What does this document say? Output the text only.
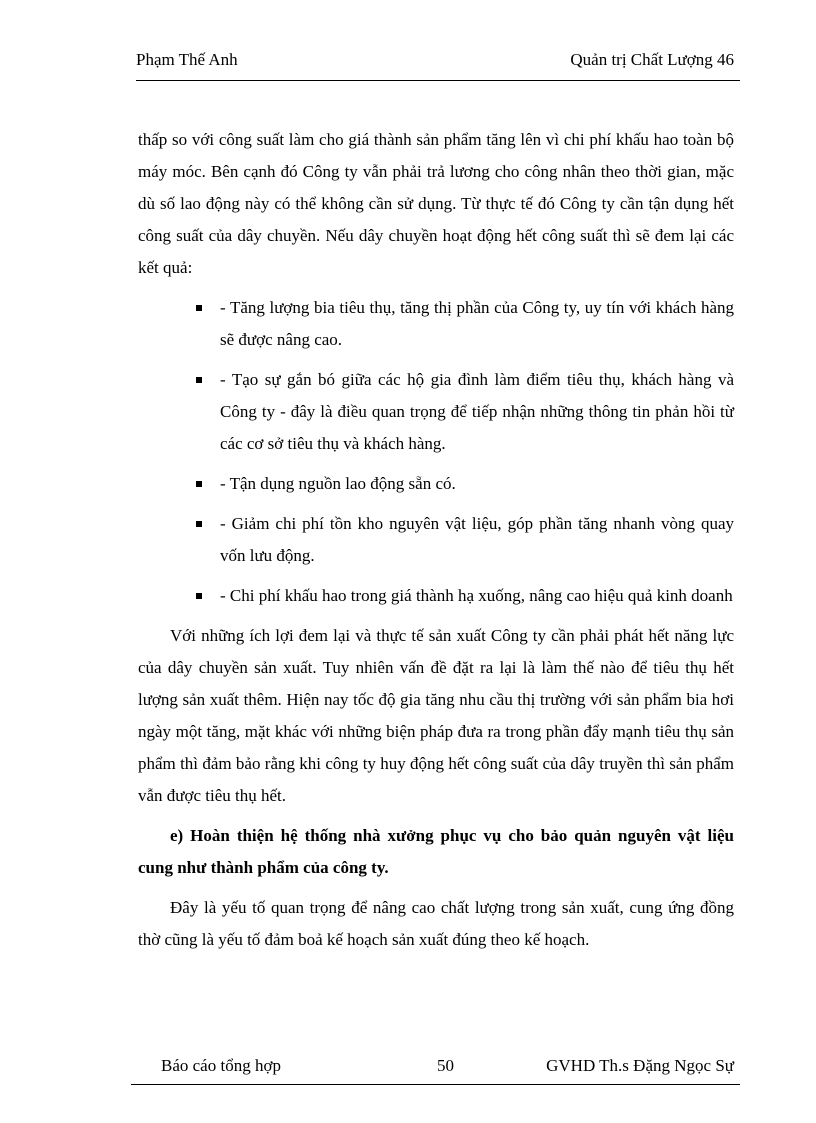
Phạm Thế Anh	Quản trị Chất Lượng 46

thấp so với công suất làm cho giá thành sản phẩm tăng lên vì chi phí khấu hao toàn bộ máy móc. Bên cạnh đó Công ty vẫn phải trả lương cho công nhân theo thời gian, mặc dù số lao động này có thể không cần sử dụng. Từ thực tế đó Công ty cần tận dụng hết công suất của dây chuyền. Nếu dây chuyền hoạt động hết công suất thì sẽ đem lại các kết quả:

- Tăng lượng bia tiêu thụ, tăng thị phần của Công ty, uy tín với khách hàng sẽ được nâng cao.
- Tạo sự gắn bó giữa các hộ gia đình làm điểm tiêu thụ, khách hàng và Công ty - đây là điều quan trọng để tiếp nhận những thông tin phản hồi từ các cơ sở tiêu thụ và khách hàng.
- Tận dụng nguồn lao động sẵn có.
- Giảm chi phí tồn kho nguyên vật liệu, góp phần tăng nhanh vòng quay vốn lưu động.
- Chi phí khấu hao trong giá thành hạ xuống, nâng cao hiệu quả kinh doanh

Với những ích lợi đem lại và thực tế sản xuất Công ty cần phải phát hết năng lực của dây chuyền sản xuất. Tuy nhiên vấn đề đặt ra lại là làm thế nào để tiêu thụ hết lượng sản xuất thêm. Hiện nay tốc độ gia tăng nhu cầu thị trường với sản phẩm bia hơi ngày một tăng, mặt khác với những biện pháp đưa ra trong phần đẩy mạnh tiêu thụ sản phẩm thì đảm bảo rằng khi công ty huy động hết công suất của dây truyền thì sản phẩm vẫn được tiêu thụ hết.

e) Hoàn thiện hệ thống nhà xưởng phục vụ cho bảo quản nguyên vật liệu cung như thành phẩm của công ty.

Đây là yếu tố quan trọng để nâng cao chất lượng trong sản xuất, cung ứng đồng thờ cũng là yếu tố đảm boả kế hoạch sản xuất đúng theo kế hoạch.

Báo cáo tổng hợp	50	GVHD Th.s Đặng Ngọc Sự
